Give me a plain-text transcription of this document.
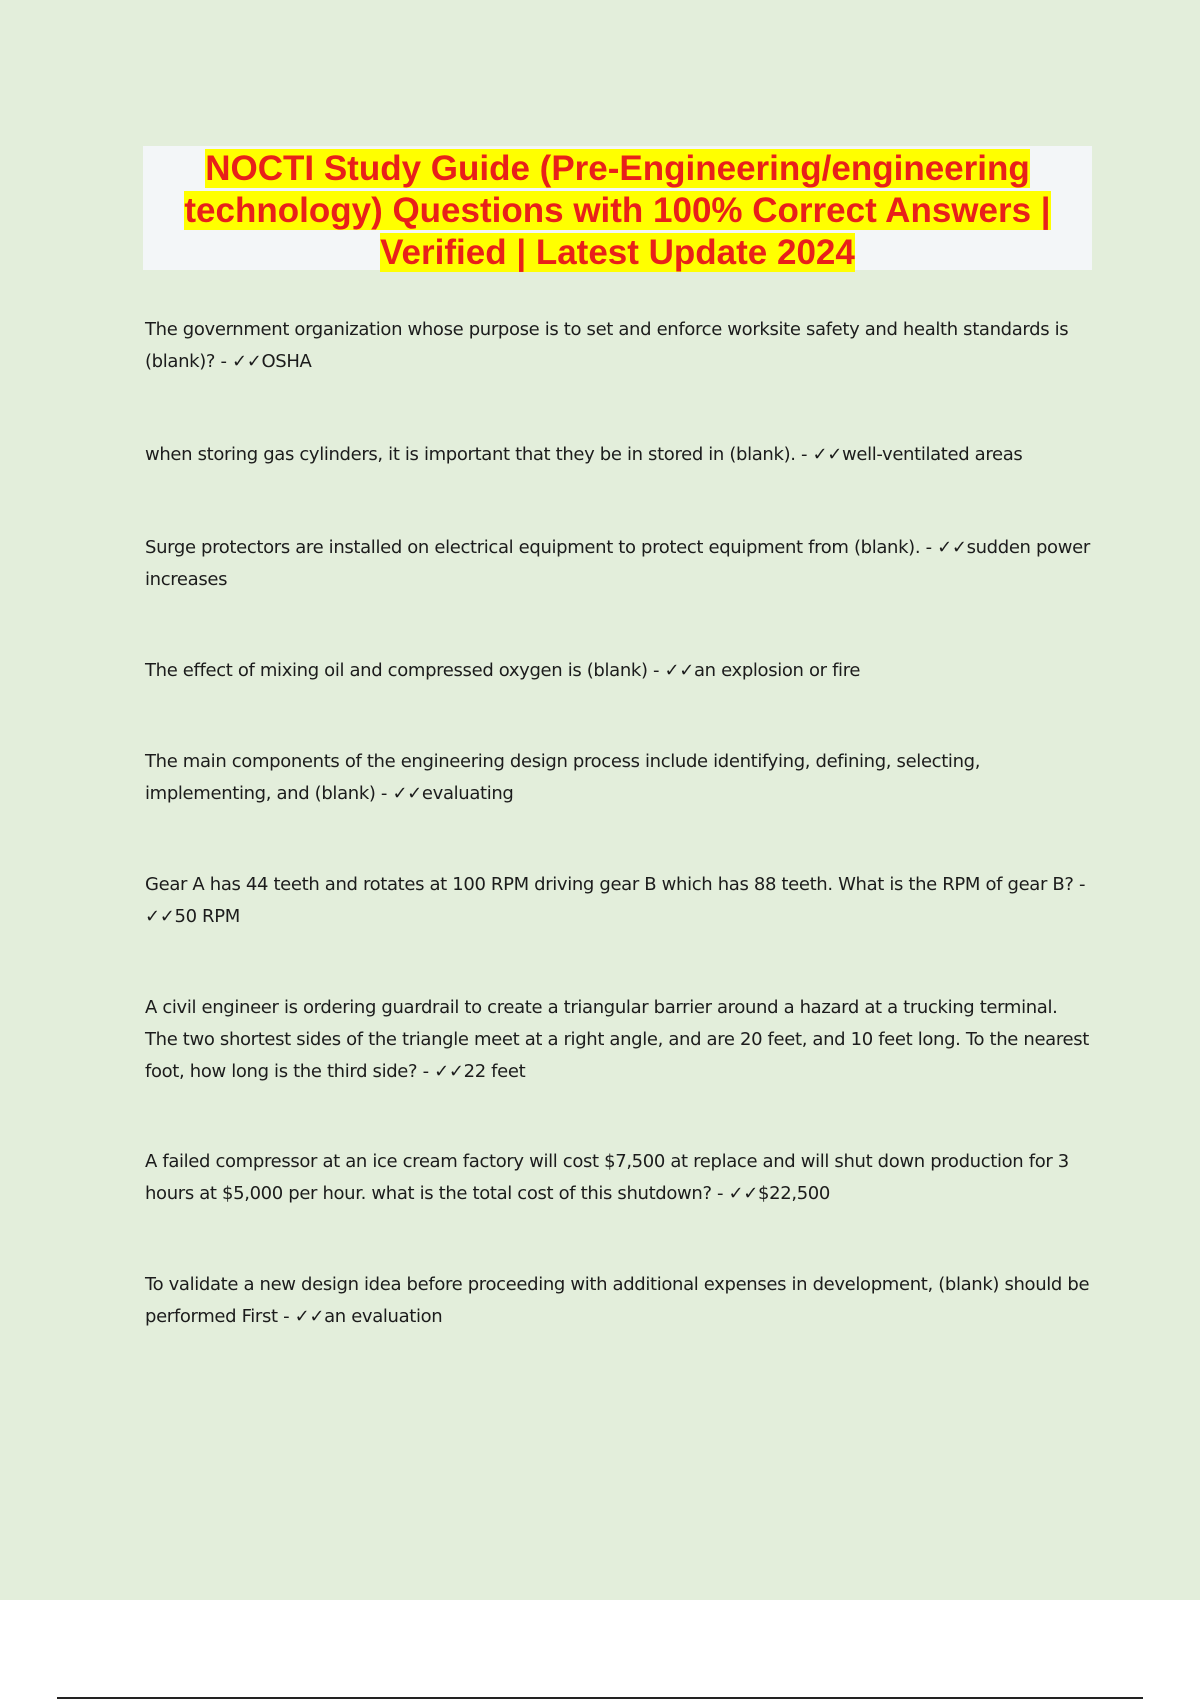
NOCTI Study Guide (Pre-Engineering/engineering
technology) Questions with 100% Correct Answers |
Verified | Latest Update 2024

The government organization whose purpose is to set and enforce worksite safety and health standards is (blank)? - ✓✓OSHA

when storing gas cylinders, it is important that they be in stored in (blank). - ✓✓well-ventilated areas

Surge protectors are installed on electrical equipment to protect equipment from (blank). - ✓✓sudden power increases

The effect of mixing oil and compressed oxygen is (blank) - ✓✓an explosion or fire

The main components of the engineering design process include identifying, defining, selecting, implementing, and (blank) - ✓✓evaluating

Gear A has 44 teeth and rotates at 100 RPM driving gear B which has 88 teeth. What is the RPM of gear B? - ✓✓50 RPM

A civil engineer is ordering guardrail to create a triangular barrier around a hazard at a trucking terminal. The two shortest sides of the triangle meet at a right angle, and are 20 feet, and 10 feet long. To the nearest foot, how long is the third side? - ✓✓22 feet

A failed compressor at an ice cream factory will cost $7,500 at replace and will shut down production for 3 hours at $5,000 per hour. what is the total cost of this shutdown? - ✓✓$22,500

To validate a new design idea before proceeding with additional expenses in development, (blank) should be performed First - ✓✓an evaluation
